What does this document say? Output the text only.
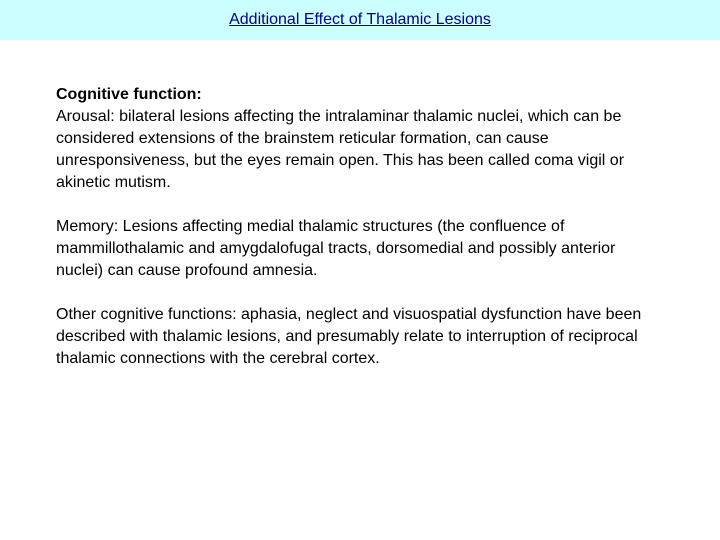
Additional Effect of Thalamic Lesions

Cognitive function:
Arousal: bilateral lesions affecting the intralaminar thalamic nuclei, which can be considered extensions of the brainstem reticular formation, can cause unresponsiveness, but the eyes remain open. This has been called coma vigil or akinetic mutism.

Memory: Lesions affecting medial thalamic structures (the confluence of mammillothalamic and amygdalofugal tracts, dorsomedial and possibly anterior nuclei) can cause profound amnesia.

Other cognitive functions: aphasia, neglect and visuospatial dysfunction have been described with thalamic lesions, and presumably relate to interruption of reciprocal thalamic connections with the cerebral cortex.
